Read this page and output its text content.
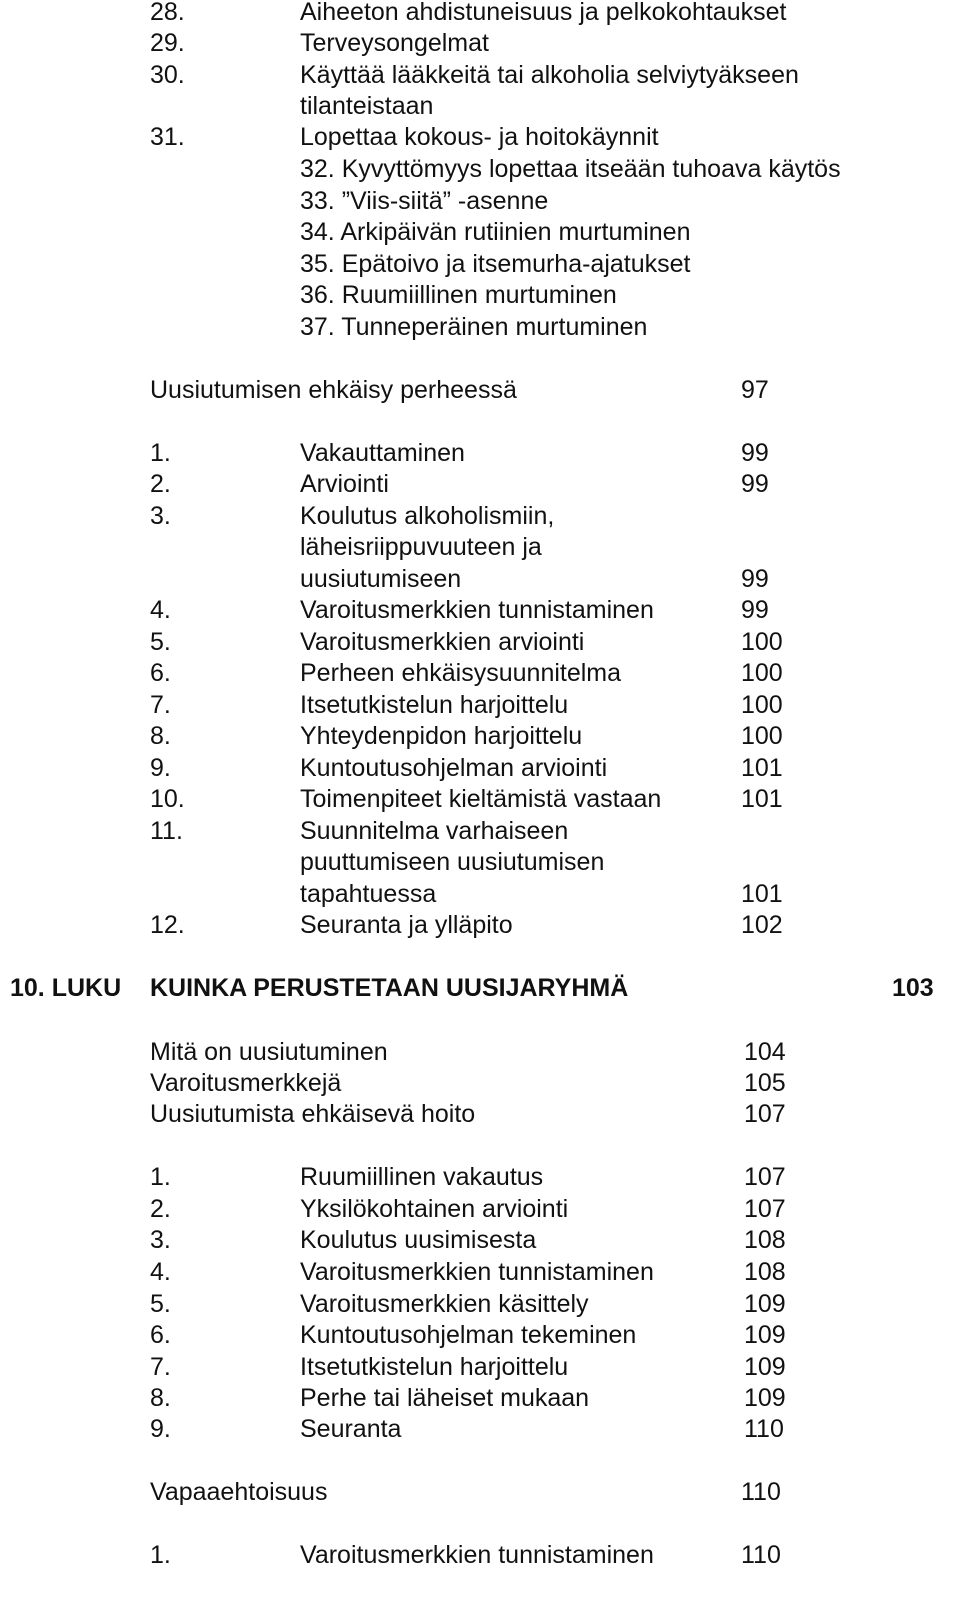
28.	Aiheeton ahdistuneisuus ja pelkokohtaukset
29.	Terveysongelmat
30.	Käyttää lääkkeitä tai alkoholia selviytyäkseen
tilanteistaan
31.	Lopettaa kokous- ja hoitokäynnit
32. Kyvyttömyys lopettaa itseään tuhoava käytös
33. ”Viis-siitä” -asenne
34. Arkipäivän rutiinien murtuminen
35. Epätoivo ja itsemurha-ajatukset
36. Ruumiillinen murtuminen
37. Tunneperäinen murtuminen
Uusiutumisen ehkäisy perheessä	97
1.	Vakauttaminen	99
2.	Arviointi	99
3.	Koulutus alkoholismiin,
läheisriippuvuuteen ja
uusiutumiseen	99
4.	Varoitusmerkkien tunnistaminen	99
5.	Varoitusmerkkien arviointi	100
6.	Perheen ehkäisysuunnitelma	100
7.	Itsetutkistelun harjoittelu	100
8.	Yhteydenpidon harjoittelu	100
9.	Kuntoutusohjelman arviointi	101
10.	Toimenpiteet kieltämistä vastaan	101
11.	Suunnitelma varhaiseen
puuttumiseen uusiutumisen
tapahtuessa	101
12.	Seuranta ja ylläpito	102
10. LUKU KUINKA PERUSTETAAN UUSIJARYHMÄ	103
Mitä on uusiutuminen	104
Varoitusmerkkejä	105
Uusiutumista ehkäisevä hoito	107
1.	Ruumiillinen vakautus	107
2.	Yksilökohtainen arviointi	107
3.	Koulutus uusimisesta	108
4.	Varoitusmerkkien tunnistaminen	108
5.	Varoitusmerkkien käsittely	109
6.	Kuntoutusohjelman tekeminen	109
7.	Itsetutkistelun harjoittelu	109
8.	Perhe tai läheiset mukaan	109
9.	Seuranta	110
Vapaaehtoisuus	110
1.	Varoitusmerkkien tunnistaminen	110
